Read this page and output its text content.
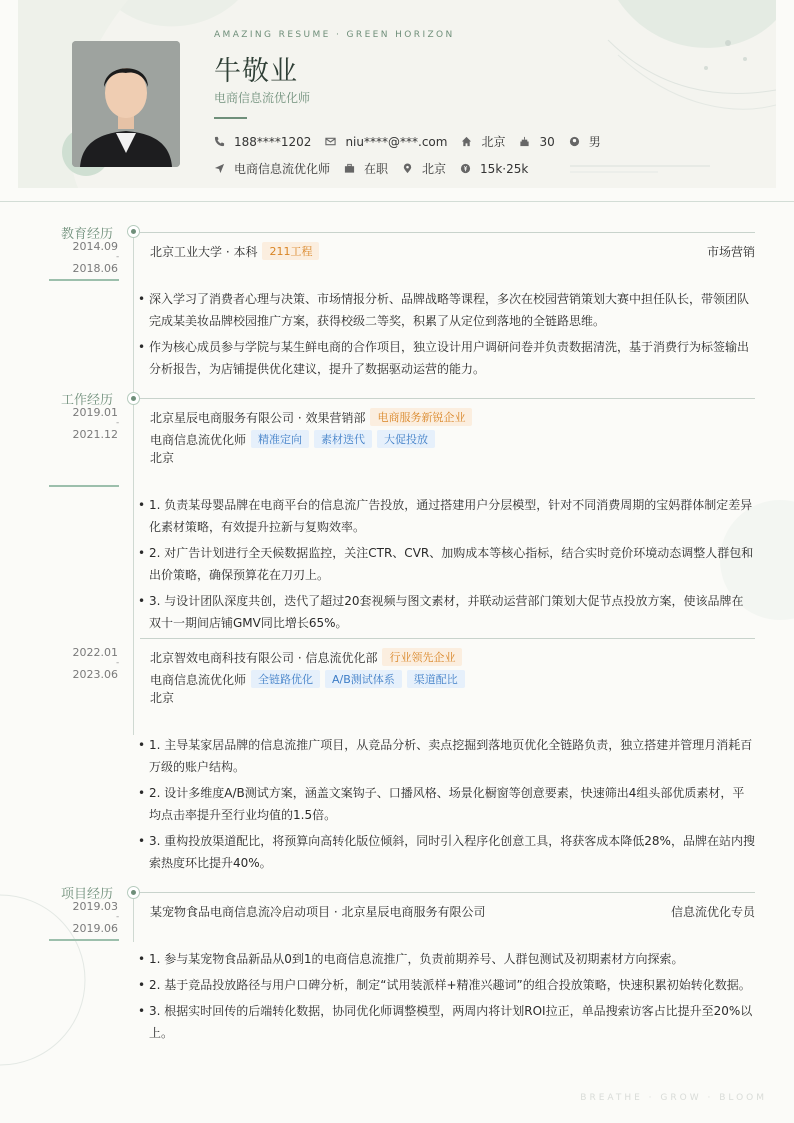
AMAZING RESUME · GREEN HORIZON
牛敬业
电商信息流优化师
188****1202	niu****@***.com	北京	30	男
电商信息流优化师	在职	北京	15k·25k
教育经历
2014.09
-
2018.06
北京工业大学 · 本科	211工程	市场营销
• 深入学习了消费者心理与决策、市场情报分析、品牌战略等课程，多次在校园营销策划大赛中担任队长，带领团队完成某美妆品牌校园推广方案，获得校级二等奖，积累了从定位到落地的全链路思维。
• 作为核心成员参与学院与某生鲜电商的合作项目，独立设计用户调研问卷并负责数据清洗，基于消费行为标签输出分析报告，为店铺提供优化建议，提升了数据驱动运营的能力。
工作经历
2019.01
-
2021.12
北京星辰电商服务有限公司 · 效果营销部	电商服务新锐企业
电商信息流优化师	精准定向	素材迭代	大促投放
北京
• 1. 负责某母婴品牌在电商平台的信息流广告投放，通过搭建用户分层模型，针对不同消费周期的宝妈群体制定差异化素材策略，有效提升拉新与复购效率。
• 2. 对广告计划进行全天候数据监控，关注CTR、CVR、加购成本等核心指标，结合实时竞价环境动态调整人群包和出价策略，确保预算花在刀刃上。
• 3. 与设计团队深度共创，迭代了超过20套视频与图文素材，并联动运营部门策划大促节点投放方案，使该品牌在双十一期间店铺GMV同比增长65%。
2022.01
-
2023.06
北京智效电商科技有限公司 · 信息流优化部	行业领先企业
电商信息流优化师	全链路优化	A/B测试体系	渠道配比
北京
• 1. 主导某家居品牌的信息流推广项目，从竞品分析、卖点挖掘到落地页优化全链路负责，独立搭建并管理月消耗百万级的账户结构。
• 2. 设计多维度A/B测试方案，涵盖文案钩子、口播风格、场景化橱窗等创意要素，快速筛出4组头部优质素材，平均点击率提升至行业均值的1.5倍。
• 3. 重构投放渠道配比，将预算向高转化版位倾斜，同时引入程序化创意工具，将获客成本降低28%，品牌在站内搜索热度环比提升40%。
项目经历
2019.03
-
2019.06
某宠物食品电商信息流冷启动项目 · 北京星辰电商服务有限公司	信息流优化专员
• 1. 参与某宠物食品新品从0到1的电商信息流推广，负责前期养号、人群包测试及初期素材方向探索。
• 2. 基于竞品投放路径与用户口碑分析，制定“试用装派样+精准兴趣词”的组合投放策略，快速积累初始转化数据。
• 3. 根据实时回传的后端转化数据，协同优化师调整模型，两周内将计划ROI拉正，单品搜索访客占比提升至20%以上。
BREATHE · GROW · BLOOM
